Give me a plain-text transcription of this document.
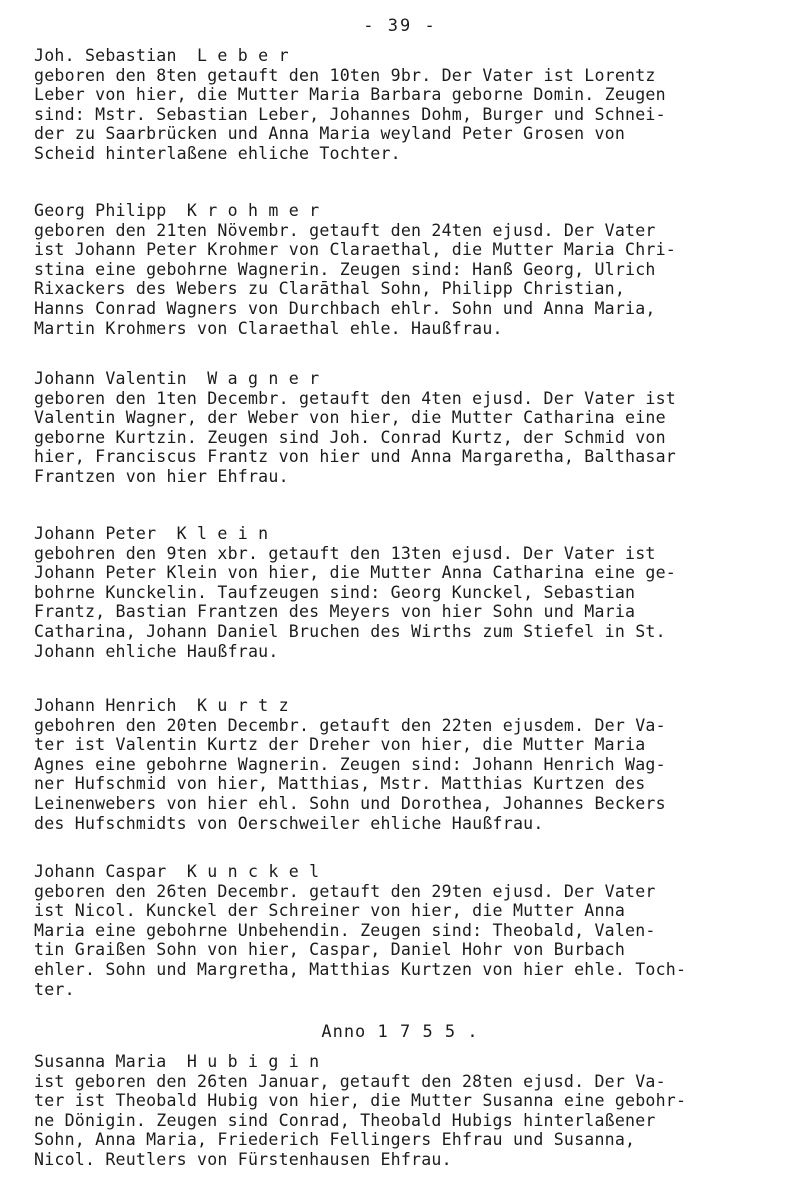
- 39 -
Joh. Sebastian  L e b e r
geboren den 8ten getauft den 10ten 9br. Der Vater ist Lorentz
Leber von hier, die Mutter Maria Barbara geborne Domin. Zeugen
sind: Mstr. Sebastian Leber, Johannes Dohm, Burger und Schnei-
der zu Saarbrücken und Anna Maria weyland Peter Grosen von
Scheid hinterlaßene ehliche Tochter.
Georg Philipp  K r o h m e r
geboren den 21ten Növembr. getauft den 24ten ejusd. Der Vater
ist Johann Peter Krohmer von Claraethal, die Mutter Maria Chri-
stina eine gebohrne Wagnerin. Zeugen sind: Hanß Georg, Ulrich
Rixackers des Webers zu Clarāthal Sohn, Philipp Christian,
Hanns Conrad Wagners von Durchbach ehlr. Sohn und Anna Maria,
Martin Krohmers von Claraethal ehle. Haußfrau.
Johann Valentin  W a g n e r
geboren den 1ten Decembr. getauft den 4ten ejusd. Der Vater ist
Valentin Wagner, der Weber von hier, die Mutter Catharina eine
geborne Kurtzin. Zeugen sind Joh. Conrad Kurtz, der Schmid von
hier, Franciscus Frantz von hier und Anna Margaretha, Balthasar
Frantzen von hier Ehfrau.
Johann Peter  K l e i n
gebohren den 9ten xbr. getauft den 13ten ejusd. Der Vater ist
Johann Peter Klein von hier, die Mutter Anna Catharina eine ge-
bohrne Kunckelin. Taufzeugen sind: Georg Kunckel, Sebastian
Frantz, Bastian Frantzen des Meyers von hier Sohn und Maria
Catharina, Johann Daniel Bruchen des Wirths zum Stiefel in St.
Johann ehliche Haußfrau.
Johann Henrich  K u r t z
gebohren den 20ten Decembr. getauft den 22ten ejusdem. Der Va-
ter ist Valentin Kurtz der Dreher von hier, die Mutter Maria
Agnes eine gebohrne Wagnerin. Zeugen sind: Johann Henrich Wag-
ner Hufschmid von hier, Matthias, Mstr. Matthias Kurtzen des
Leinenwebers von hier ehl. Sohn und Dorothea, Johannes Beckers
des Hufschmidts von Oerschweiler ehliche Haußfrau.
Johann Caspar  K u n c k e l
geboren den 26ten Decembr. getauft den 29ten ejusd. Der Vater
ist Nicol. Kunckel der Schreiner von hier, die Mutter Anna
Maria eine gebohrne Unbehendin. Zeugen sind: Theobald, Valen-
tin Graißen Sohn von hier, Caspar, Daniel Hohr von Burbach
ehler. Sohn und Margretha, Matthias Kurtzen von hier ehle. Toch-
ter.
Susanna Maria  H u b i g i n
ist geboren den 26ten Januar, getauft den 28ten ejusd. Der Va-
ter ist Theobald Hubig von hier, die Mutter Susanna eine gebohr-
ne Dönigin. Zeugen sind Conrad, Theobald Hubigs hinterlaßener
Sohn, Anna Maria, Friederich Fellingers Ehfrau und Susanna,
Nicol. Reutlers von Fürstenhausen Ehfrau.
Anno 1 7 5 5 .
